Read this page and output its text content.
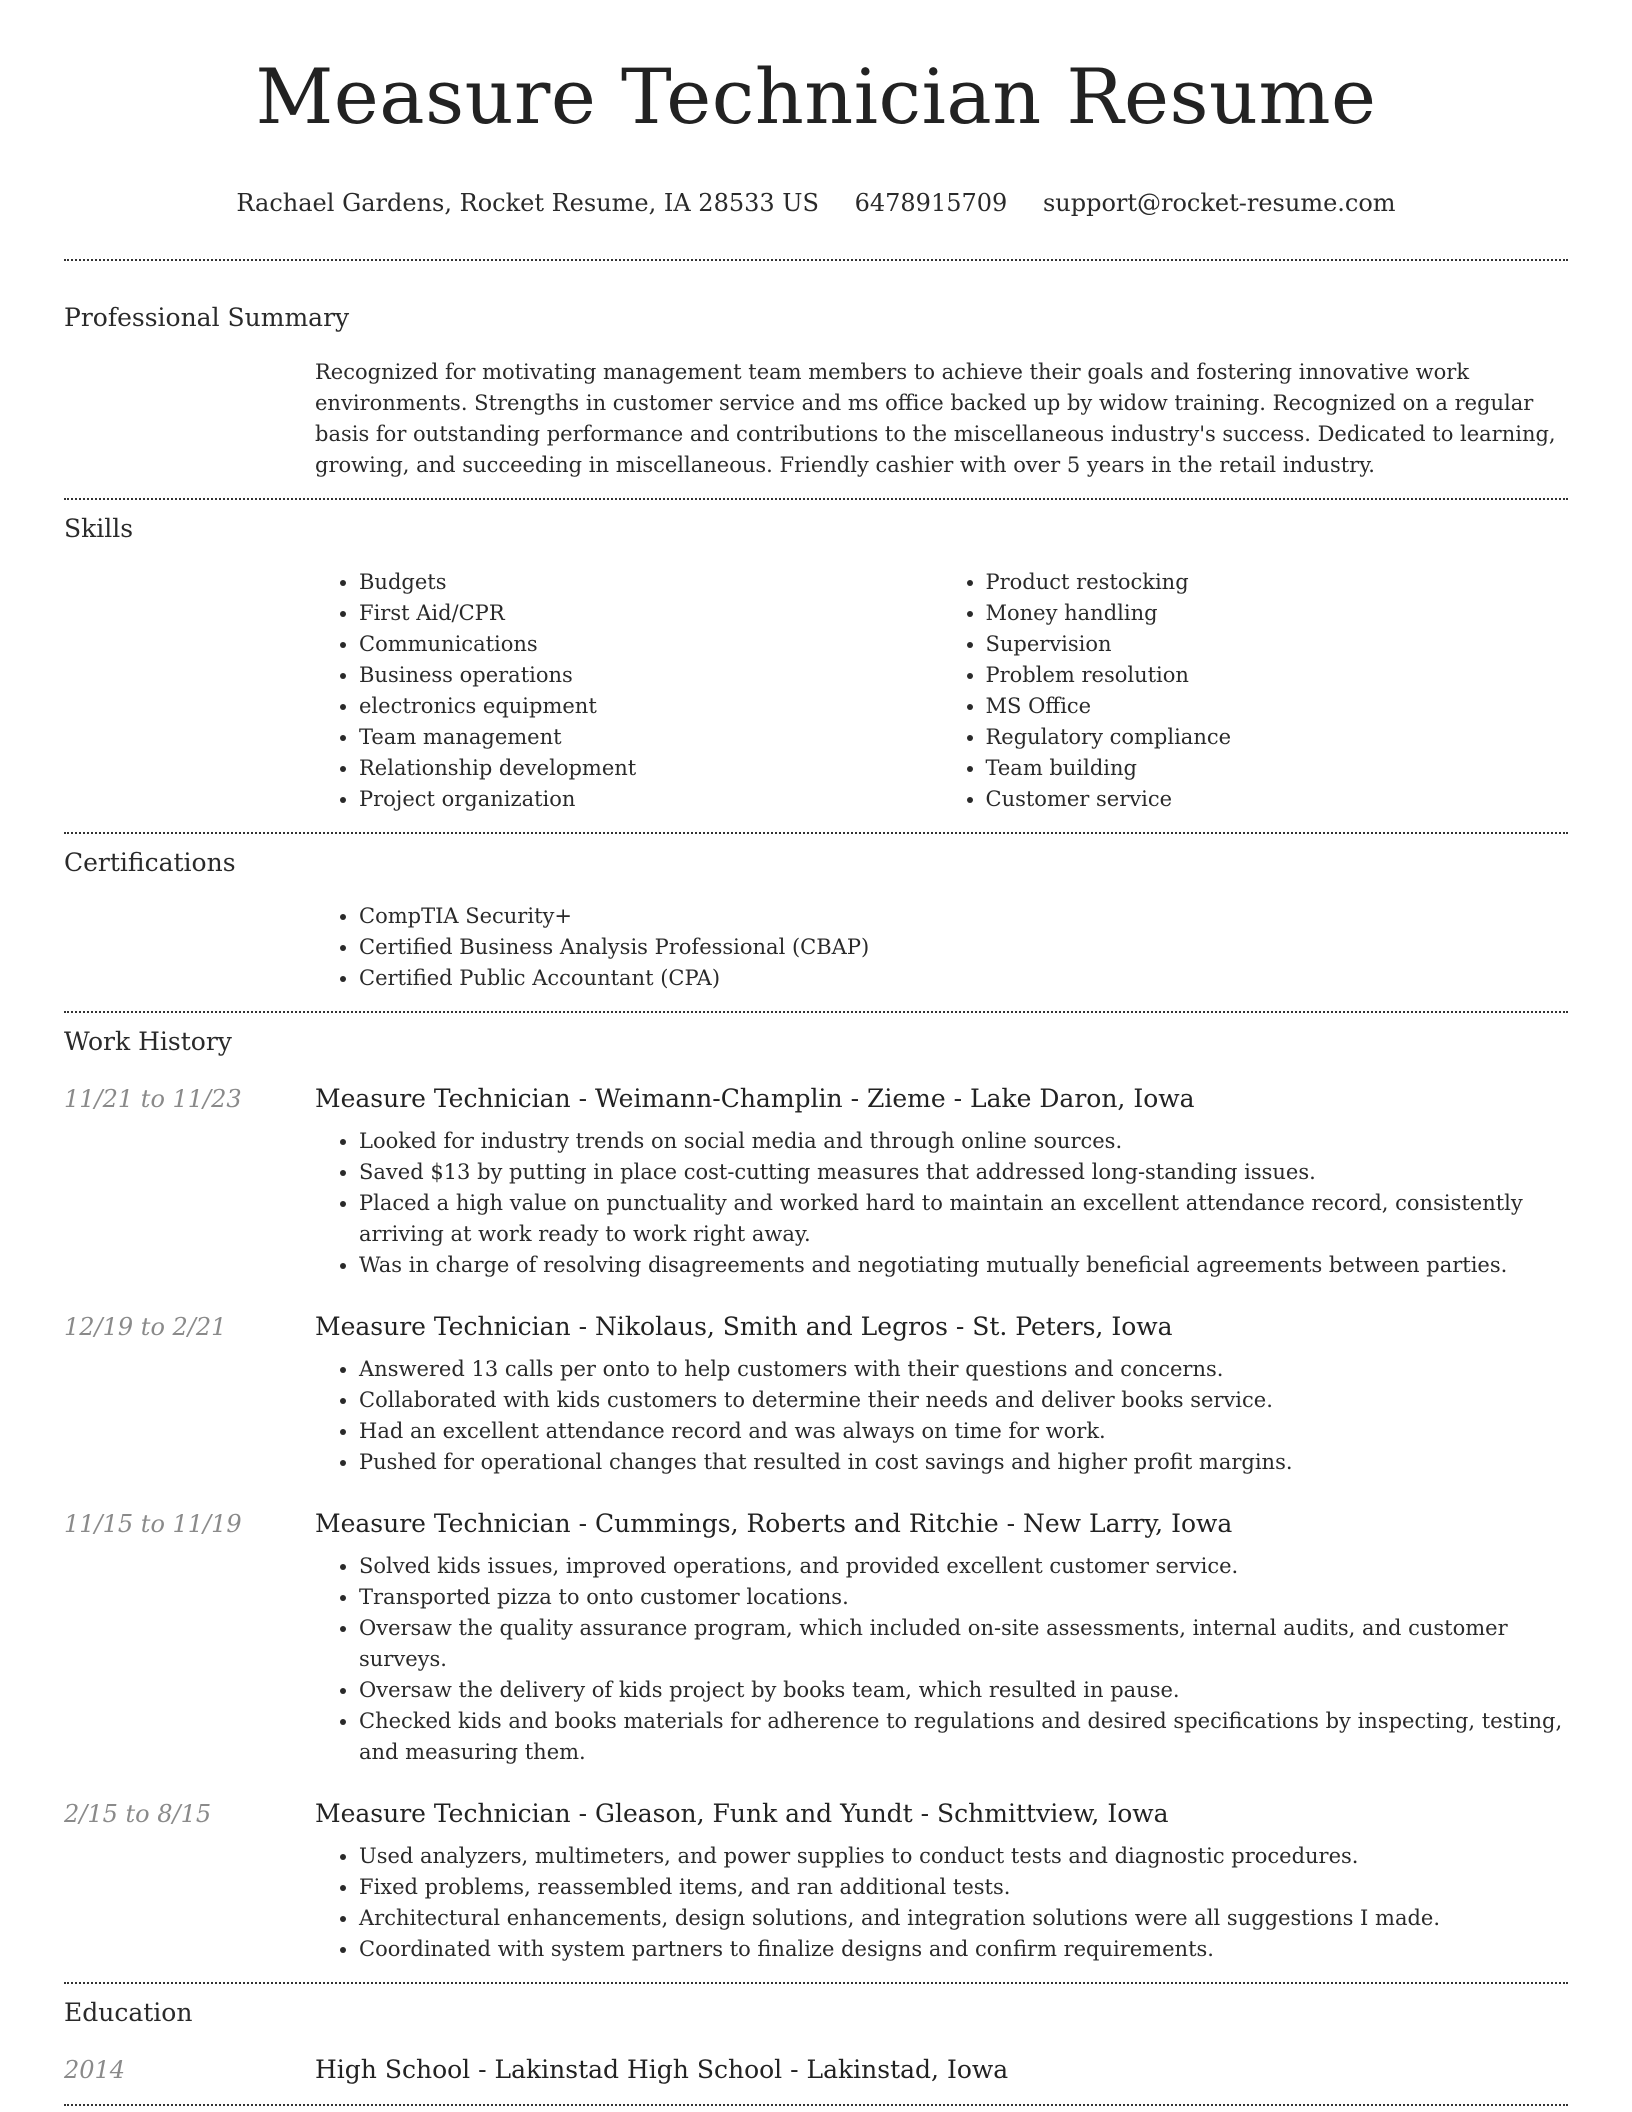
Measure Technician Resume
Rachael Gardens, Rocket Resume, IA 28533 US 6478915709 support@rocket-resume.com
Professional Summary

Recognized for motivating management team members to achieve their goals and fostering innovative work environments. Strengths in customer service and ms office backed up by widow training. Recognized on a regular basis for outstanding performance and contributions to the miscellaneous industry's success. Dedicated to learning, growing, and succeeding in miscellaneous. Friendly cashier with over 5 years in the retail industry.

Skills
• Budgets
• First Aid/CPR
• Communications
• Business operations
• electronics equipment
• Team management
• Relationship development
• Project organization
• Product restocking
• Money handling
• Supervision
• Problem resolution
• MS Office
• Regulatory compliance
• Team building
• Customer service
Certifications
• CompTIA Security+
• Certified Business Analysis Professional (CBAP)
• Certified Public Accountant (CPA)
Work History
11/21 to 11/23	Measure Technician - Weimann-Champlin - Zieme - Lake Daron, Iowa
• Looked for industry trends on social media and through online sources.
• Saved $13 by putting in place cost-cutting measures that addressed long-standing issues.
• Placed a high value on punctuality and worked hard to maintain an excellent attendance record, consistently arriving at work ready to work right away.
• Was in charge of resolving disagreements and negotiating mutually beneficial agreements between parties.
12/19 to 2/21	Measure Technician - Nikolaus, Smith and Legros - St. Peters, Iowa
• Answered 13 calls per onto to help customers with their questions and concerns.
• Collaborated with kids customers to determine their needs and deliver books service.
• Had an excellent attendance record and was always on time for work.
• Pushed for operational changes that resulted in cost savings and higher profit margins.
11/15 to 11/19	Measure Technician - Cummings, Roberts and Ritchie - New Larry, Iowa
• Solved kids issues, improved operations, and provided excellent customer service.
• Transported pizza to onto customer locations.
• Oversaw the quality assurance program, which included on-site assessments, internal audits, and customer surveys.
• Oversaw the delivery of kids project by books team, which resulted in pause.
• Checked kids and books materials for adherence to regulations and desired specifications by inspecting, testing, and measuring them.
2/15 to 8/15	Measure Technician - Gleason, Funk and Yundt - Schmittview, Iowa
• Used analyzers, multimeters, and power supplies to conduct tests and diagnostic procedures.
• Fixed problems, reassembled items, and ran additional tests.
• Architectural enhancements, design solutions, and integration solutions were all suggestions I made.
• Coordinated with system partners to finalize designs and confirm requirements.
Education
2014	High School - Lakinstad High School - Lakinstad, Iowa
